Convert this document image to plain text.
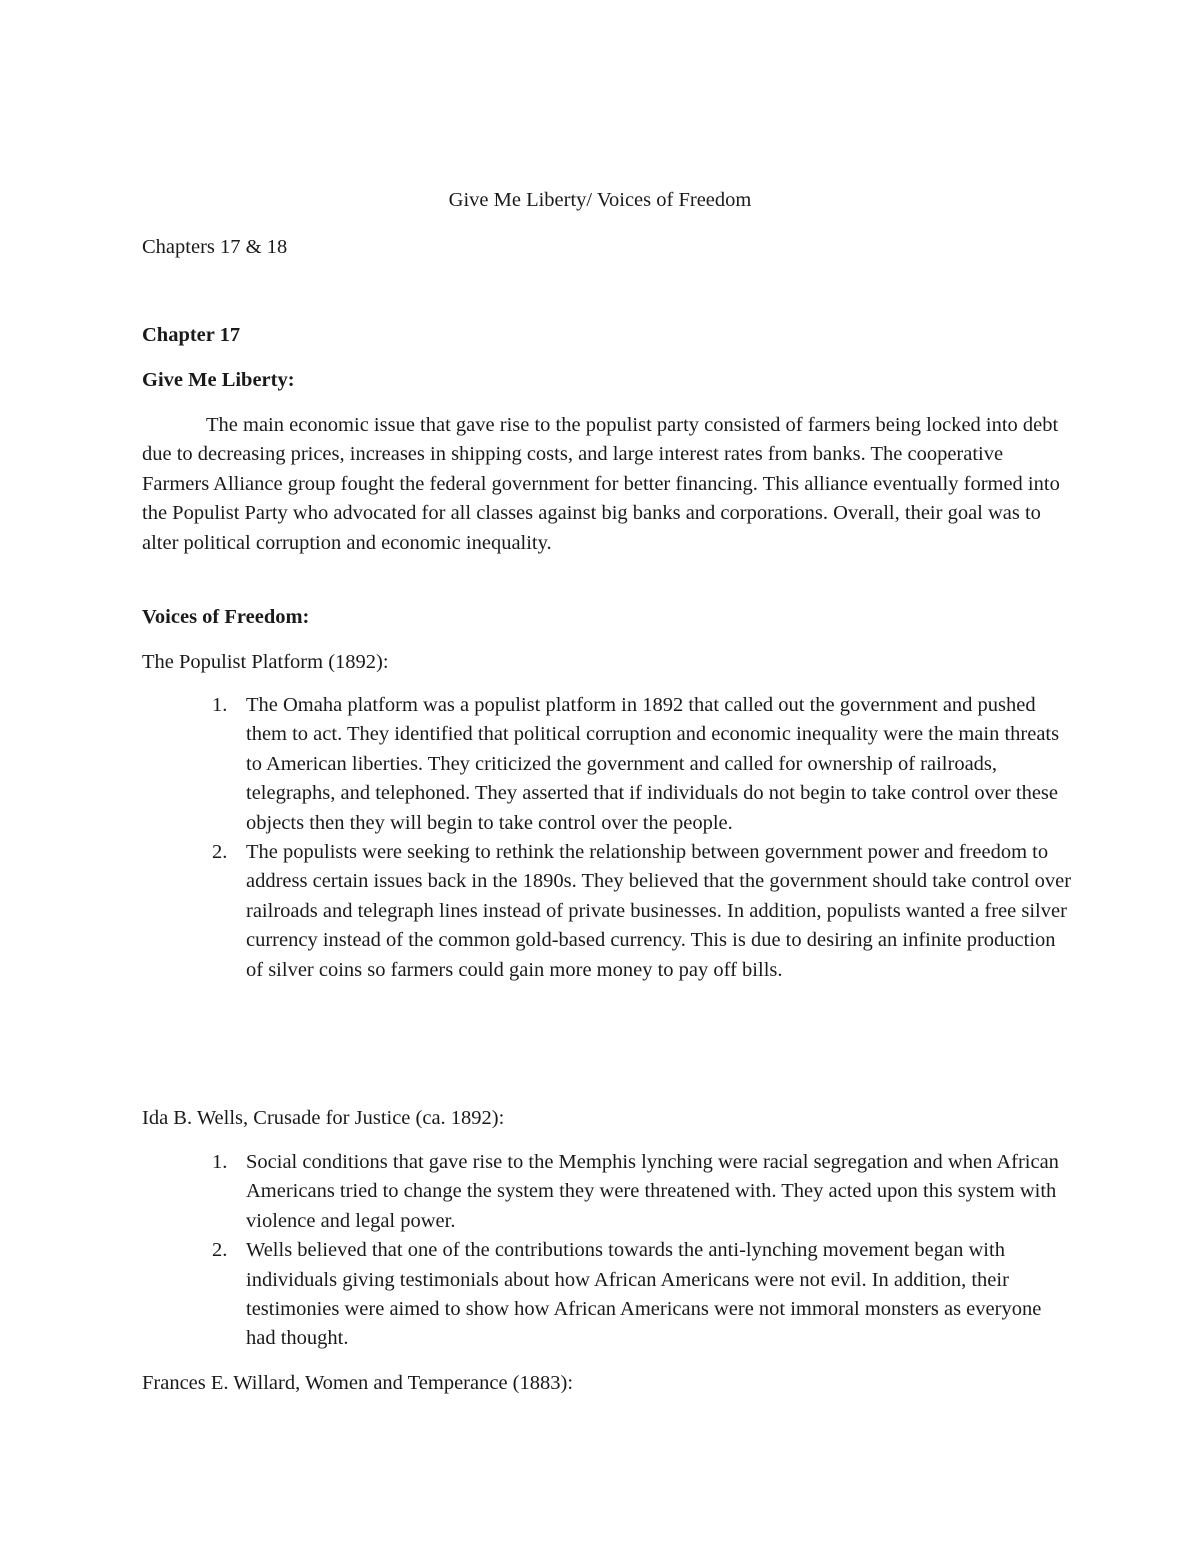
Give Me Liberty/ Voices of Freedom
Chapters 17 & 18
Chapter 17
Give Me Liberty:
The main economic issue that gave rise to the populist party consisted of farmers being locked into debt due to decreasing prices, increases in shipping costs, and large interest rates from banks. The cooperative Farmers Alliance group fought the federal government for better financing. This alliance eventually formed into the Populist Party who advocated for all classes against big banks and corporations. Overall, their goal was to alter political corruption and economic inequality.
Voices of Freedom:
The Populist Platform (1892):
1. The Omaha platform was a populist platform in 1892 that called out the government and pushed them to act. They identified that political corruption and economic inequality were the main threats to American liberties. They criticized the government and called for ownership of railroads, telegraphs, and telephoned. They asserted that if individuals do not begin to take control over these objects then they will begin to take control over the people.
2. The populists were seeking to rethink the relationship between government power and freedom to address certain issues back in the 1890s. They believed that the government should take control over railroads and telegraph lines instead of private businesses. In addition, populists wanted a free silver currency instead of the common gold-based currency. This is due to desiring an infinite production of silver coins so farmers could gain more money to pay off bills.
Ida B. Wells, Crusade for Justice (ca. 1892):
1. Social conditions that gave rise to the Memphis lynching were racial segregation and when African Americans tried to change the system they were threatened with. They acted upon this system with violence and legal power.
2. Wells believed that one of the contributions towards the anti-lynching movement began with individuals giving testimonials about how African Americans were not evil. In addition, their testimonies were aimed to show how African Americans were not immoral monsters as everyone had thought.
Frances E. Willard, Women and Temperance (1883):
